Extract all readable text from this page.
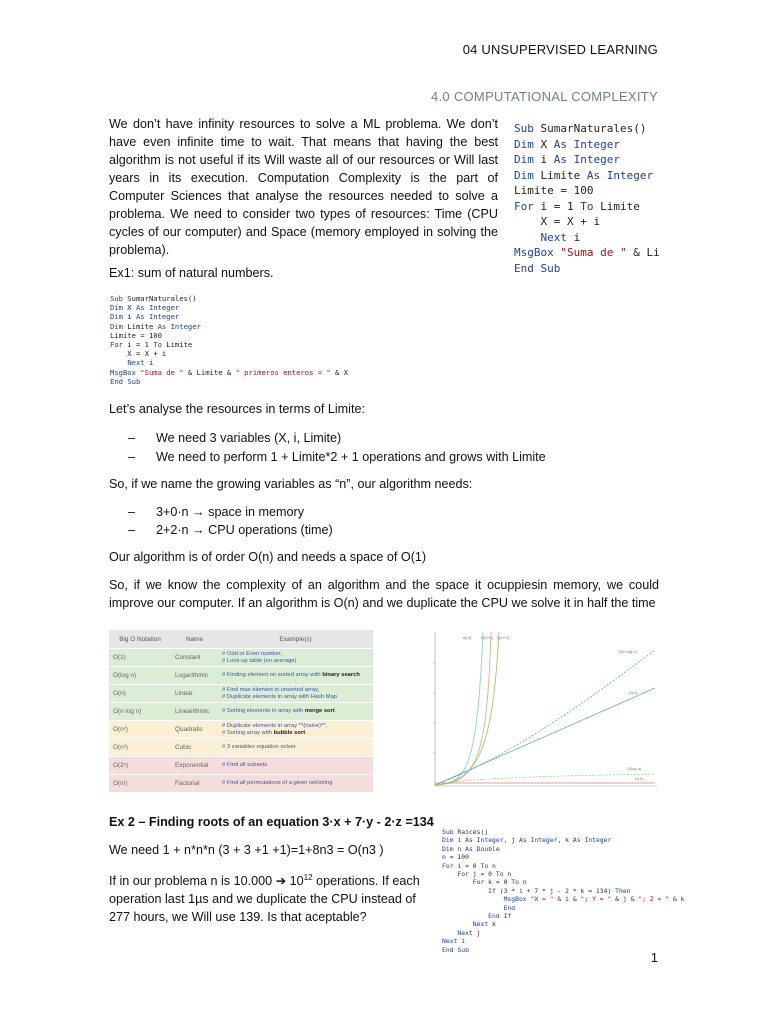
04 UNSUPERVISED LEARNING
4.0 COMPUTATIONAL COMPLEXITY
We don’t have infinity resources to solve a ML problema. We don’t have even infinite time to wait. That means that having the best algorithm is not useful if its Will waste all of our resources or Will last years in its execution. Computation Complexity is the part of Computer Sciences that analyse the resources needed to solve a problema. We need to consider two types of resources: Time (CPU cycles of our computer) and Space (memory employed in solving the problema).
Sub SumarNaturales()
Dim X As Integer
Dim i As Integer
Dim Limite As Integer
Limite = 100
For i = 1 To Limite
X = X + i
Next i
MsgBox "Suma de " & Li
End Sub
Ex1: sum of natural numbers.
Sub SumarNaturales()
Dim X As Integer
Dim i As Integer
Dim Limite As Integer
Limite = 100
For i = 1 To Limite
X = X + i
Next i
MsgBox "Suma de " & Limite & " primeros enteros = " & X
End Sub
Let’s analyse the resources in terms of Limite:
– We need 3 variables (X, i, Limite)
– We need to perform 1 + Limite*2 + 1 operations and grows with Limite
So, if we name the growing variables as “n”, our algorithm needs:
– 3+0·n → space in memory
– 2+2·n → CPU operations (time)
Our algorithm is of order O(n) and needs a space of O(1)
So, if we know the complexity of an algorithm and the space it ocuppiesin memory, we could improve our computer. If an algorithm is O(n) and we duplicate the CPU we solve it in half the time
Big O Notation	Name	Example(s)
O(1)	Constant	# Odd or Even number,
# Look-up table (on average)

O(log n)	Logarithmic	# Finding element on sorted array with binary search

O(n)	Linear	# Find max element in unsorted array,
# Duplicate elements in array with Hash Map

O(n log n)	Linearithmic	# Sorting elements in array with merge sort

O(n²)	Quadratic	# Duplicate elements in array **(naive)**,
# Sorting array with bubble sort

O(n³)	Cubic	# 3 variables equation solver

O(2ⁿ)	Exponential	# Find all subsets

O(n!)	Factorial	# Find all permutations of a given set/string
n(n!) O(2^n) O(n^2)
O(n log n)
O(n)
O(log n)
O(1)
Ex 2 – Finding roots of an equation 3·x + 7·y - 2·z =134
We need 1 + n*n*n (3 + 3 +1 +1)=1+8n3 = O(n3 )
If in our problema n is 10.000 ➔ $10^{12}$ operations. If each operation last 1µs and we duplicate the CPU instead of 277 hours, we Will use 139. Is that aceptable?
Sub Raices()
Dim i As Integer, j As Integer, k As Integer
Dim n As Double
n = 100
For i = 0 To n
For j = 0 To n
For k = 0 To n
If (3 * i + 7 * j - 2 * k = 134) Then
MsgBox "X = " & i & "; Y = " & j & "; Z = " & k
End
End If
Next k
Next j
Next i
End Sub
1
